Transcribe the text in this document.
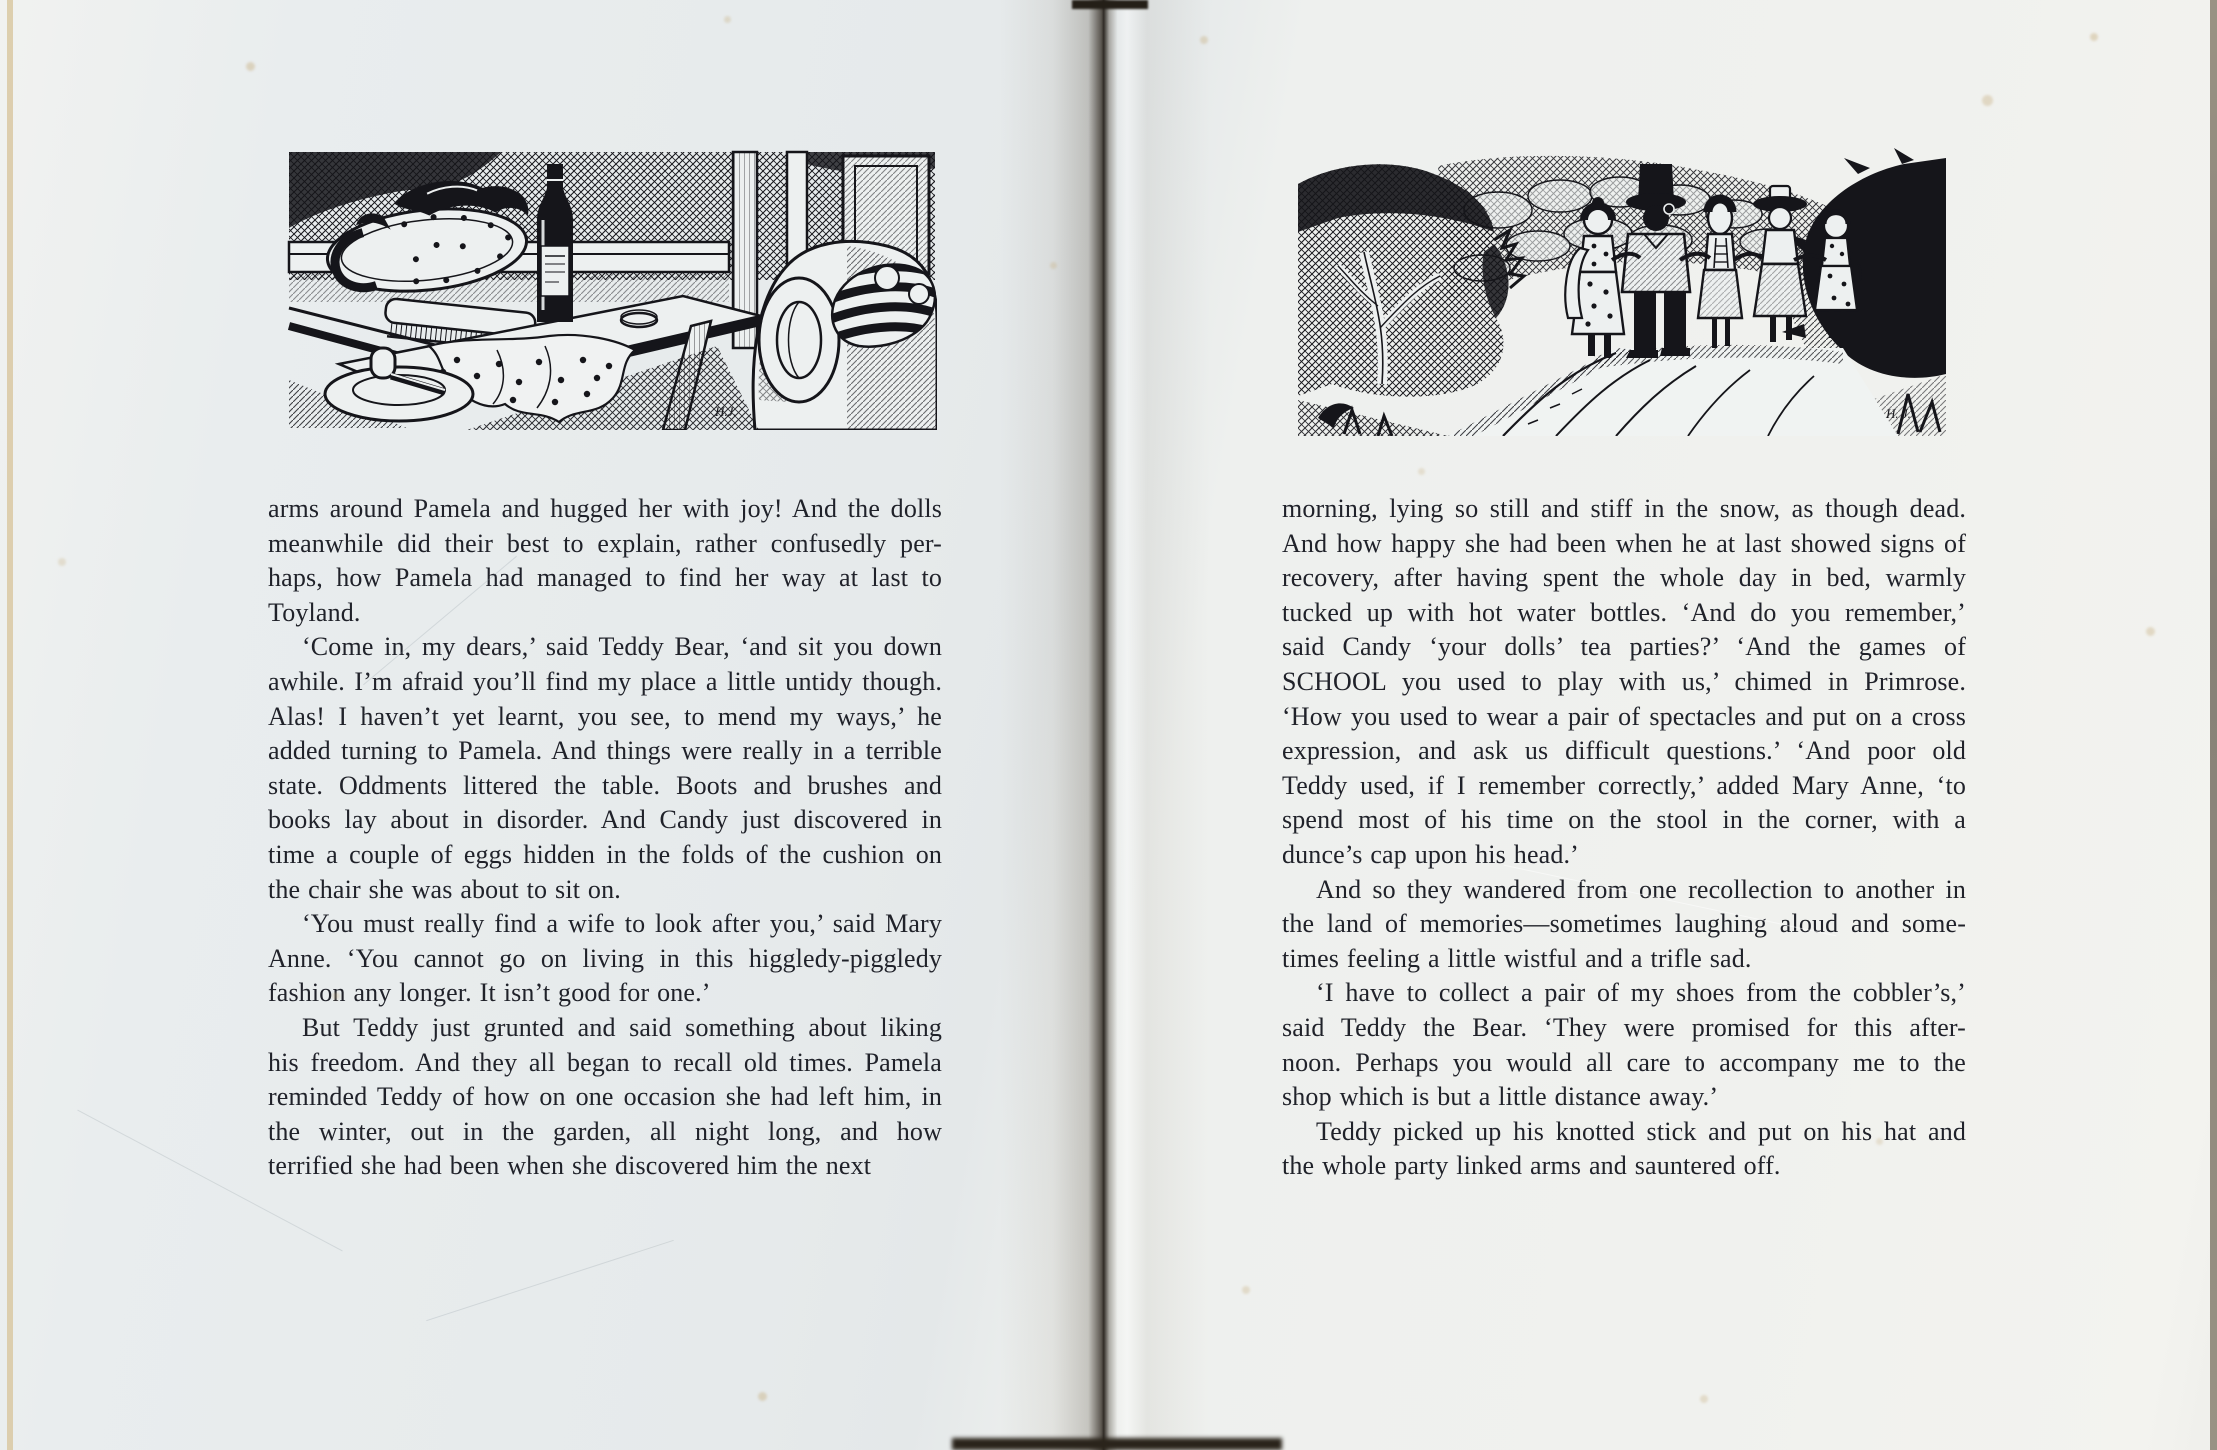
H.J.	H. J.
arms around Pamela and hugged her with joy! And the dolls
meanwhile did their best to explain, rather confusedly per-
haps, how Pamela had managed to find her way at last to
Toyland.
‘Come in, my dears,’ said Teddy Bear, ‘and sit you down
awhile. I’m afraid you’ll find my place a little untidy though.
Alas! I haven’t yet learnt, you see, to mend my ways,’ he
added turning to Pamela. And things were really in a terrible
state. Oddments littered the table. Boots and brushes and
books lay about in disorder. And Candy just discovered in
time a couple of eggs hidden in the folds of the cushion on
the chair she was about to sit on.
‘You must really find a wife to look after you,’ said Mary
Anne. ‘You cannot go on living in this higgledy-piggledy
fashion any longer. It isn’t good for one.’
But Teddy just grunted and said something about liking
his freedom. And they all began to recall old times. Pamela
reminded Teddy of how on one occasion she had left him, in
the winter, out in the garden, all night long, and how
terrified she had been when she discovered him the next
morning, lying so still and stiff in the snow, as though dead.
And how happy she had been when he at last showed signs of
recovery, after having spent the whole day in bed, warmly
tucked up with hot water bottles. ‘And do you remember,’
said Candy ‘your dolls’ tea parties?’ ‘And the games of
SCHOOL you used to play with us,’ chimed in Primrose.
‘How you used to wear a pair of spectacles and put on a cross
expression, and ask us difficult questions.’ ‘And poor old
Teddy used, if I remember correctly,’ added Mary Anne, ‘to
spend most of his time on the stool in the corner, with a
dunce’s cap upon his head.’
And so they wandered from one recollection to another in
the land of memories—sometimes laughing aloud and some-
times feeling a little wistful and a trifle sad.
‘I have to collect a pair of my shoes from the cobbler’s,’
said Teddy the Bear. ‘They were promised for this after-
noon. Perhaps you would all care to accompany me to the
shop which is but a little distance away.’
Teddy picked up his knotted stick and put on his hat and
the whole party linked arms and sauntered off.
